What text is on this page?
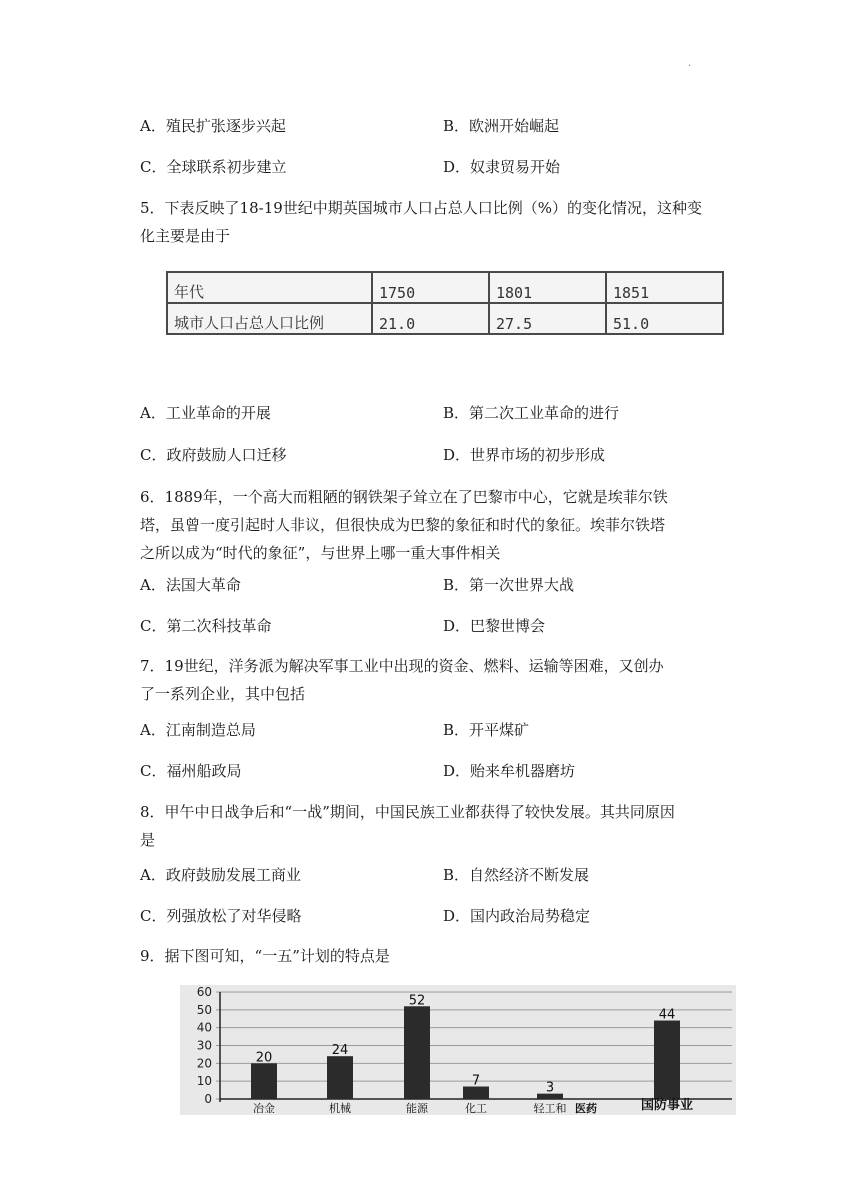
.
A．殖民扩张逐步兴起	B．欧洲开始崛起
C．全球联系初步建立	D．奴隶贸易开始

5．下表反映了18-19世纪中期英国城市人口占总人口比例（%）的变化情况，这种变

化主要是由于

年代	1750	1801	1851
城市人口占总人口比例	21.0	27.5	51.0
A．工业革命的开展	B．第二次工业革命的进行
C．政府鼓励人口迁移	D．世界市场的初步形成

6．1889年，一个高大而粗陋的钢铁架子耸立在了巴黎市中心，它就是埃菲尔铁

塔，虽曾一度引起时人非议，但很快成为巴黎的象征和时代的象征。埃菲尔铁塔

之所以成为“时代的象征”，与世界上哪一重大事件相关

A．法国大革命	B．第一次世界大战
C．第二次科技革命	D．巴黎世博会

7．19世纪，洋务派为解决军事工业中出现的资金、燃料、运输等困难，又创办

了一系列企业，其中包括

A．江南制造总局	B．开平煤矿
C．福州船政局	D．贻来牟机器磨坊

8．甲午中日战争后和“一战”期间，中国民族工业都获得了较快发展。其共同原因

是

A．政府鼓励发展工商业	B．自然经济不断发展
C．列强放松了对华侵略	D．国内政治局势稳定
9．据下图可知，“一五”计划的特点是
0
10
20
30
40
50
60
20
冶金
24
机械
52
能源
7
化工
3
轻工和 医药
44
国防事业
